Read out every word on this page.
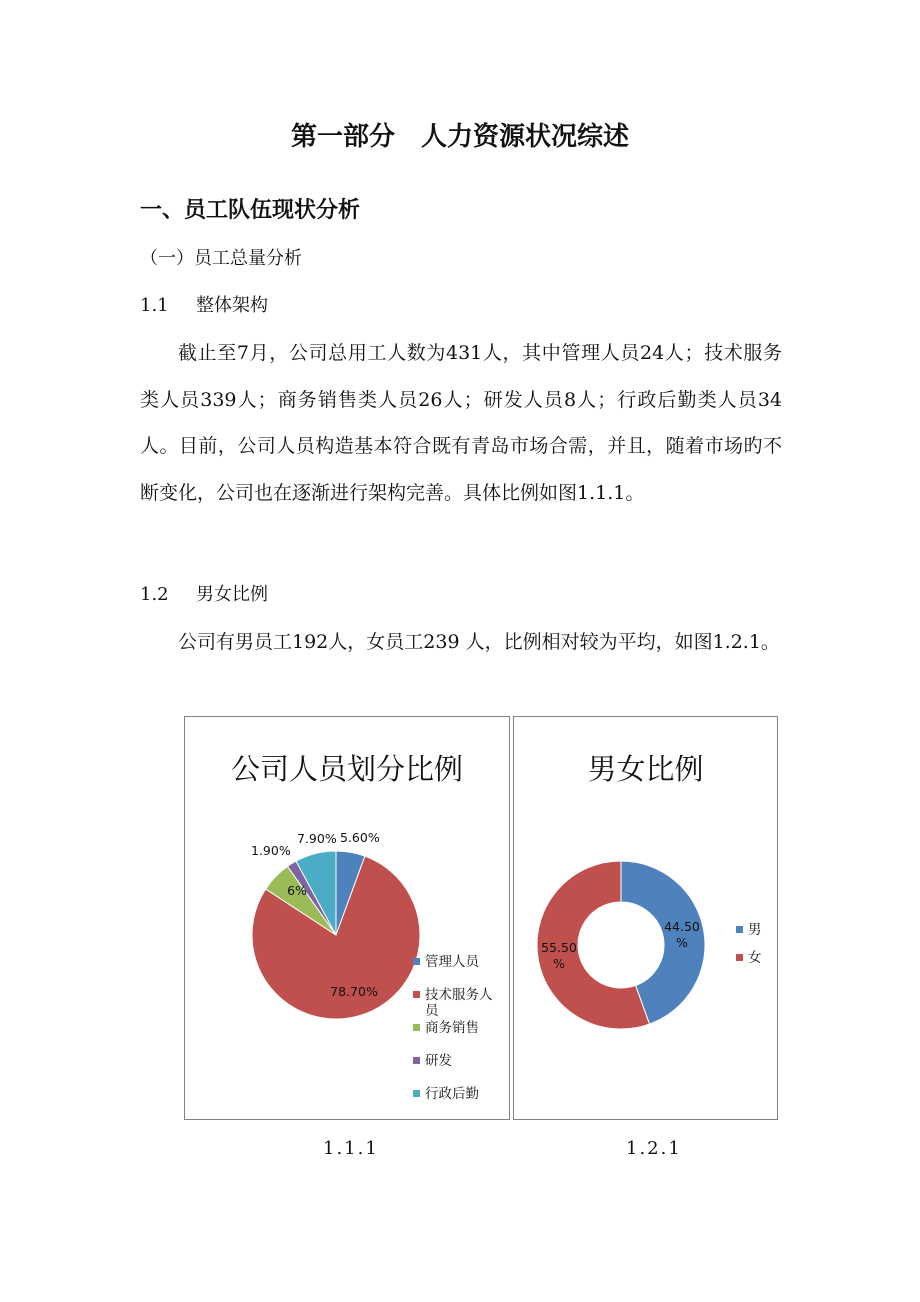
第一部分　人力资源状况综述
一、员工队伍现状分析
（一）员工总量分析
1.1 整体架构

截止至7月，公司总用工人数为431人，其中管理人员24人；技术服务类人员339人；商务销售类人员26人；研发人员8人；行政后勤类人员34人。目前，公司人员构造基本符合既有青岛市场合需，并且，随着市场旳不断变化，公司也在逐渐进行架构完善。具体比例如图1.1.1。

1.2 男女比例

公司有男员工192人，女员工239 人，比例相对较为平均，如图1.2.1。

公司人员划分比例
5.60%
78.70%
6%
1.90%
7.90%
管理人员
技术服务人员
商务销售
研发
行政后勤
男女比例
44.50 %
55.50 %
男
女
1.1.1	1.2.1
